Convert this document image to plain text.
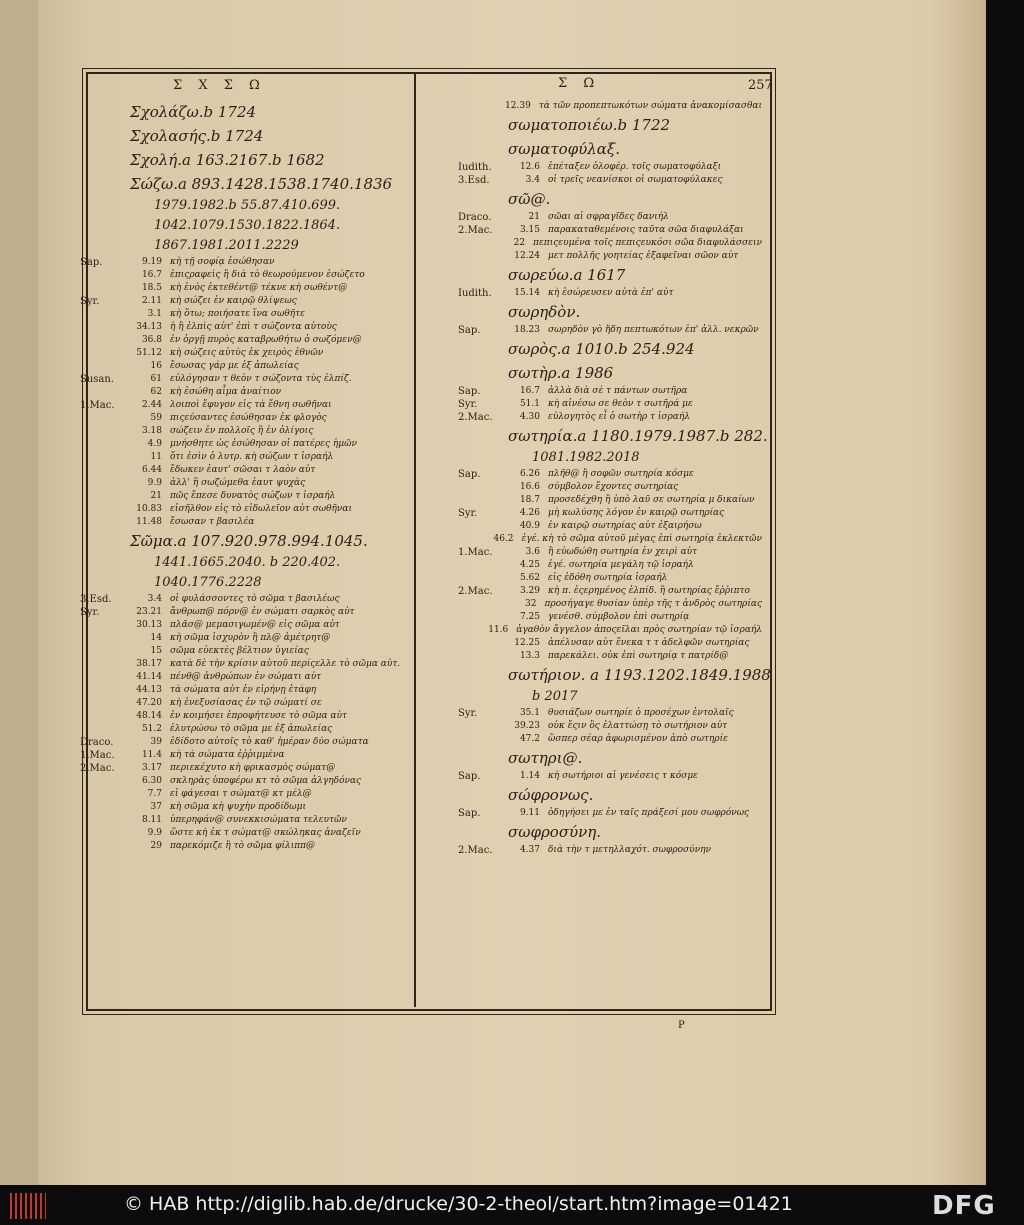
Σ Χ Σ Ω	Σ Ω	257
Σχολάζω.b 1724
Σχολασής.b 1724
Σχολή.a 163.2167.b 1682
Σώζω.a 893.1428.1538.1740.1836
1979.1982.b 55.87.410.699.
1042.1079.1530.1822.1864.
1867.1981.2011.2229
Sap.	9.19 κὴ τῇ σοφίᾳ ἐσώθησαν
16.7 ἐπιςραφεὶς ἢ διὰ τὸ θεωρούμενον ἐσώζετο
18.5 κὴ ἑνὸς ἐκτεθέντ@ τέκνε κὴ σωθέντ@
Syr.	2.11 κὴ σώζει ἐν καιρῷ θλίψεως
3.1 κὴ ὅτω; ποιήσατε ἵνα σωθῆτε
34.13 ἡ ἢ ἐλπὶς αὐτ' ἐπὶ τ σώζοντα αὐτοὺς
36.8 ἐν ὀργῇ πυρὸς καταβρωθήτω ὁ σωζόμεν@
51.12 κὴ σώζεις αὐτὺς ἐκ χειρὸς ἐθνῶν
16 ἔσωσας γάρ με ἐξ ἀπωλείας
Susan.	61 εὐλόγησαν τ θεὸν τ σώζοντα τὺς ἐλπίζ.
62 κὴ ἐσώθη αἷμα ἀναίτιον
1.Mac.	2.44 λοιποὶ ἔφυγον εἰς τὰ ἔθνη σωθῆναι
59 πιςεύσαντες ἐσώθησαν ἐκ φλογὸς
3.18 σώζειν ἐν πολλοῖς ἢ ἐν ὀλίγοις
4.9 μνήσθητε ὡς ἐσώθησαν οἱ πατέρες ἡμῶν
11 ὅτι ἐσὶν ὁ λυτρ. κὴ σώζων τ ἰσραήλ
6.44 ἔδωκεν ἑαυτ' σῶσαι τ λαὸν αὐτ
9.9 ἀλλ' ἢ σωζώμεθα ἑαυτ ψυχὰς
21 πῶς ἔπεσε δυνατὸς σώζων τ ἰσραήλ
10.83 εἰσῆλθον εἰς τὸ εἰδωλεῖον αὐτ σωθῆναι
11.48 ἔσωσαν τ βασιλέα
Σῶμα.a 107.920.978.994.1045.
1441.1665.2040. b 220.402.
1040.1776.2228
3.Esd.	3.4 οἱ φυλάσσοντες τὸ σῶμα τ βασιλέως
Syr.	23.21 ἄνθρωπ@ πόρν@ ἐν σώματι σαρκὸς αὐτ
30.13 πλᾶσ@ μεμασιγωμέν@ εἰς σῶμα αὐτ
14 κὴ σῶμα ἰσχυρὸν ἢ πλ@ ἀμέτρητ@
15 σῶμα εὐεκτὲς βέλτιον ὑγιείας
38.17 κατὰ δὲ τὴν κρίσιν αὐτοῦ περίςελλε τὸ σῶμα αὐτ.
41.14 πένθ@ ἀνθρώπων ἐν σώματι αὐτ
44.13 τὰ σώματα αὐτ ἐν εἰρήνῃ ἐτάφη
47.20 κὴ ἐνεξυσίασας ἐν τῷ σώματί σε
48.14 ἐν κοιμήσει ἐπροφήτευσε τὸ σῶμα αὐτ
51.2 ἐλυτρώσω τὸ σῶμα με ἐξ ἀπωλείας
Draco.	39 ἐδίδοτο αὐτοῖς τὸ καθ' ἡμέραν δύο σώματα
1.Mac.	11.4 κὴ τὰ σώματα ἐῤῥιμμένα
2.Mac.	3.17 περιεκέχυτο κὴ φρικασμὸς σώματ@
6.30 σκληρὰς ὑποφέρω κτ τὸ σῶμα ἀλγηδόνας
7.7 εἰ φάγεσαι τ σώματ@ κτ μέλ@
37 κὴ σῶμα κὴ ψυχὴν προδίδωμι
8.11 ὑπερηφάν@ συνεκκισώματα τελευτῶν
9.9 ὥστε κὴ ἐκ τ σώματ@ σκώληκας ἀναζεῖν
29 παρεκόμιζε ἢ τὸ σῶμα φίλιππ@
12.39 τὰ τῶν προπεπτωκότων σώματα ἀνακομίσασθαι
σωματοποιέω.b 1722
σωματοφύλαξ.
Iudith.	12.6 ἐπέταξεν ὁλοφέρ. τοῖς σωματοφύλαξι
3.Esd.	3.4 οἱ τρεῖς νεανίσκοι οἱ σωματοφύλακες
σῶ@.
Draco.	21 σῶαι αἱ σφραγῖδες δανιήλ
2.Mac.	3.15 παρακαταθεμένοις ταῦτα σῶα διαφυλάξαι
22 πεπιςευμένα τοῖς πεπιςευκόσι σῶα διαφυλάσσειν
12.24 μετ πολλῆς γοητείας ἐξαφεῖναι σῶον αὐτ
σωρεύω.a 1617
Iudith.	15.14 κὴ ἐσώρευσεν αὐτὰ ἐπ' αὐτ
σωρηδὸν.
Sap.	18.23 σωρηδὸν γὸ ἤδη πεπτωκότων ἐπ' ἀλλ. νεκρῶν
σωρὸς.a 1010.b 254.924
σωτὴρ.a 1986
Sap.	16.7 ἀλλὰ διὰ σὲ τ πάντων σωτῆρα
Syr.	51.1 κὴ αἰνέσω σε θεὸν τ σωτῆρά με
2.Mac.	4.30 εὐλογητὸς εἶ ὁ σωτὴρ τ ἰσραήλ
σωτηρία.a 1180.1979.1987.b 282.
1081.1982.2018
Sap.	6.26 πλῆθ@ ἢ σοφῶν σωτηρία κόσμε
16.6 σύμβολον ἔχοντες σωτηρίας
18.7 προσεδέχθη ἢ ὑπὸ λαῦ σε σωτηρία μ δικαίων
Syr.	4.26 μὴ κωλύσης λόγον ἐν καιρῷ σωτηρίας
40.9 ἐν καιρῷ σωτηρίας αὐτ ἐξαιρήσω
46.2 ἐγέ. κὴ τὸ σῶμα αὐτοῦ μέγας ἐπὶ σωτηρίᾳ ἐκλεκτῶν
1.Mac.	3.6 ἢ εὐωδώθη σωτηρία ἐν χειρὶ αὐτ
4.25 ἐγέ. σωτηρία μεγάλη τῷ ἰσραήλ
5.62 εἰς ἐδόθη σωτηρία ἰσραήλ
2.Mac.	3.29 κὴ π. ἐςερημένος ἐλπίδ. ἢ σωτηρίας ἔῤῥιπτο
32 προσήγαγε θυσίαν ὑπὲρ τῆς τ ἀνδρὸς σωτηρίας
7.25 γενέσθ. σύμβολον ἐπὶ σωτηρίᾳ
11.6 ἀγαθὸν ἄγγελον ἀποςεῖλαι πρὸς σωτηρίαν τῷ ἰσραήλ
12.25 ἀπέλυσαν αὐτ ἕνεκα τ τ ἀδελφῶν σωτηρίας
13.3 παρεκάλει. οὐκ ἐπὶ σωτηρίᾳ τ πατρίδ@
σωτήριον. a 1193.1202.1849.1988
b 2017
Syr.	35.1 θυσιάζων σωτηρίε ὁ προσέχων ἐντολαῖς
39.23 οὐκ ἔςιν ὃς ἐλαττώσῃ τὸ σωτήριον αὐτ
47.2 ὥσπερ σέαρ ἀφωρισμένον ἀπὸ σωτηρίε
σωτηρι@.
Sap.	1.14 κὴ σωτήριοι αἱ γενέσεις τ κόσμε
σώφρονως.
Sap.	9.11 ὁδηγήσει με ἐν ταῖς πράξεσί μου σωφρόνως
σωφροσύνη.
2.Mac.	4.37 διὰ τὴν τ μετηλλαχότ. σωφροσύνην
P
© HAB http://diglib.hab.de/drucke/30-2-theol/start.htm?image=01421	DFG
